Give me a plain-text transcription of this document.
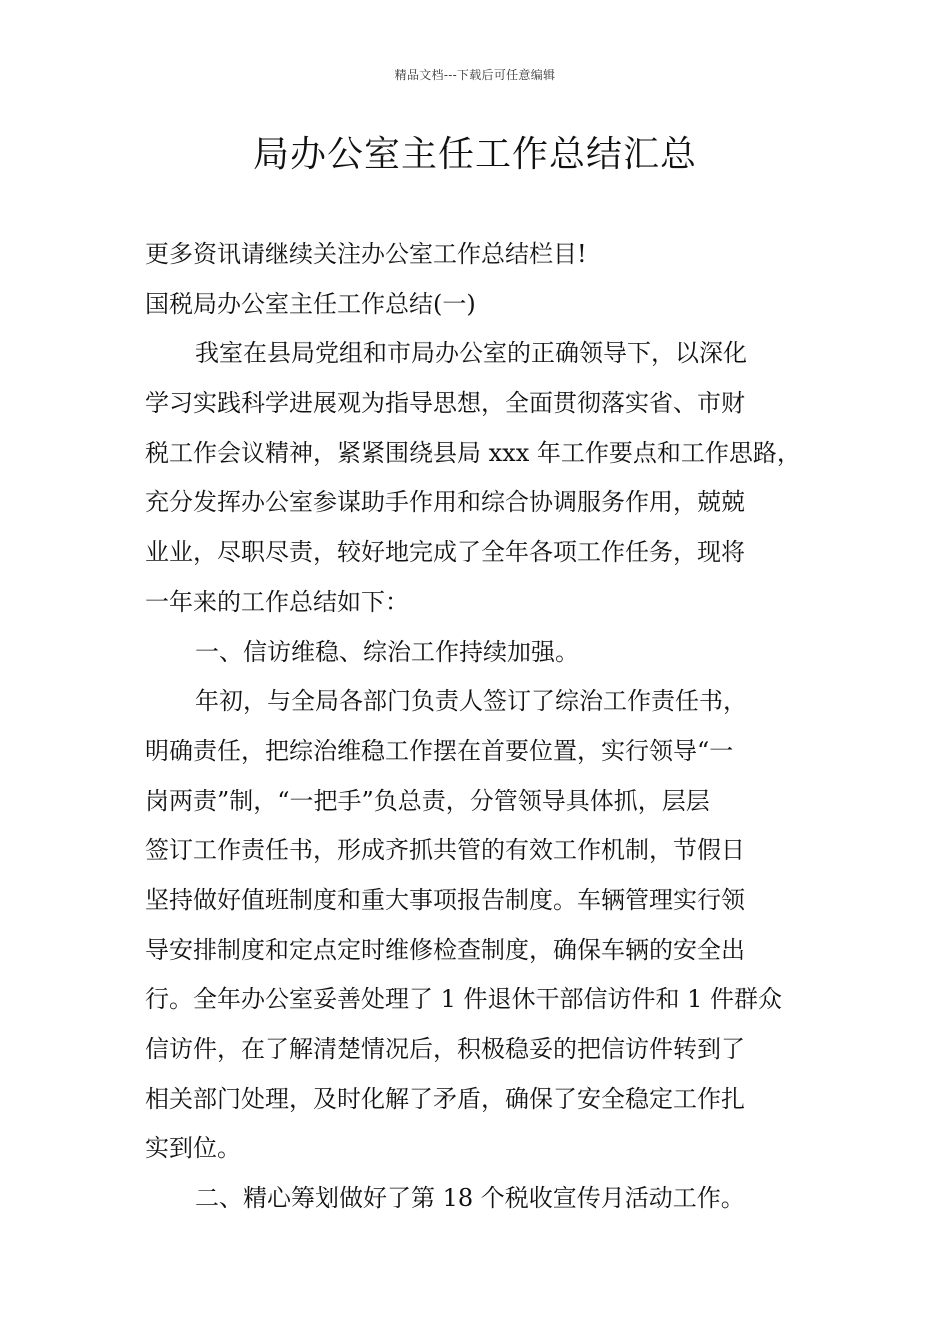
精品文档---下载后可任意编辑
局办公室主任工作总结汇总
更多资讯请继续关注办公室工作总结栏目!
国税局办公室主任工作总结(一)
我室在县局党组和市局办公室的正确领导下，以深化
学习实践科学进展观为指导思想，全面贯彻落实省、市财
税工作会议精神，紧紧围绕县局 xxx 年工作要点和工作思路，
充分发挥办公室参谋助手作用和综合协调服务作用，兢兢
业业，尽职尽责，较好地完成了全年各项工作任务，现将
一年来的工作总结如下：
一、信访维稳、综治工作持续加强。
年初，与全局各部门负责人签订了综治工作责任书，
明确责任，把综治维稳工作摆在首要位置，实行领导“一
岗两责”制，“一把手”负总责，分管领导具体抓，层层
签订工作责任书，形成齐抓共管的有效工作机制，节假日
坚持做好值班制度和重大事项报告制度。车辆管理实行领
导安排制度和定点定时维修检查制度，确保车辆的安全出
行。全年办公室妥善处理了 1 件退休干部信访件和 1 件群众
信访件，在了解清楚情况后，积极稳妥的把信访件转到了
相关部门处理，及时化解了矛盾，确保了安全稳定工作扎
实到位。
二、精心筹划做好了第 18 个税收宣传月活动工作。
